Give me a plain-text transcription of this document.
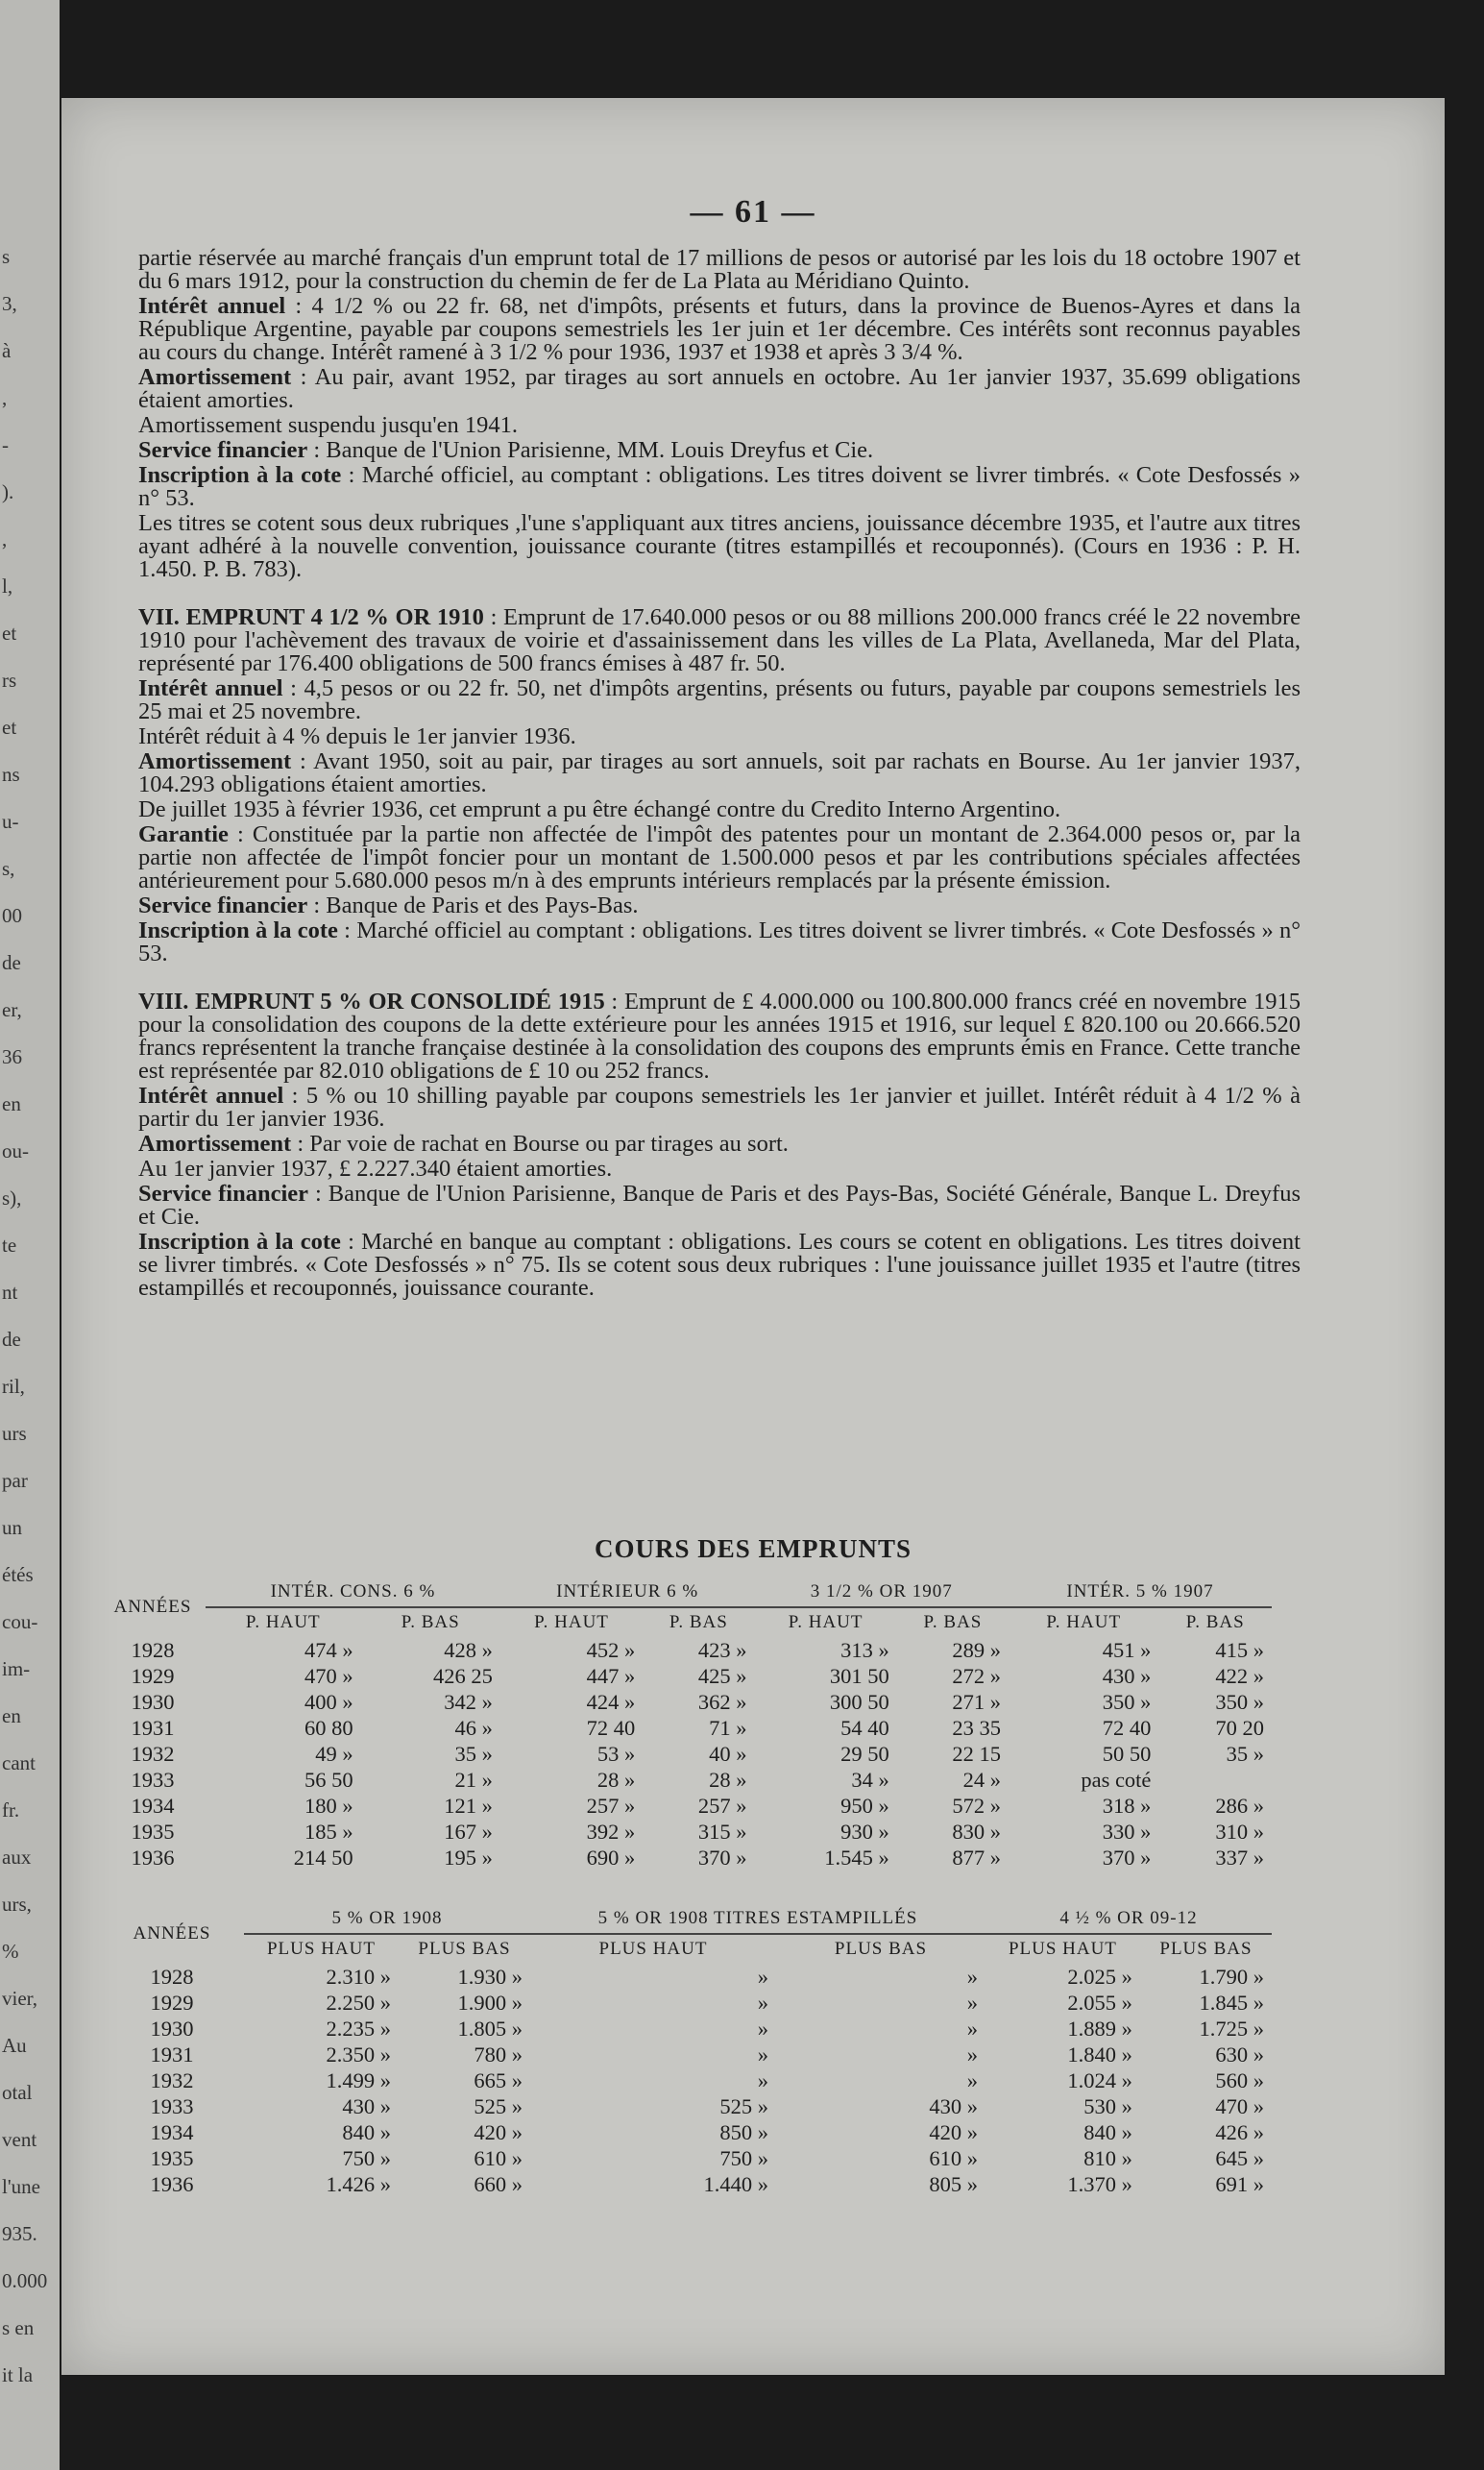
s
3,
à
,
-
).
,
l,
et
rs
et
ns
u-
s,
00
de
er,
36
en
ou-
s),
te
nt
de
ril,
urs
par
un
étés
cou-
im-
en
cant
fr.
aux
urs,
%
vier,
Au
otal
vent
l'une
935.
0.000
s en
it la
— 61 —

partie réservée au marché français d'un emprunt total de 17 millions de pesos or autorisé par les lois du 18 octobre 1907 et du 6 mars 1912, pour la construction du chemin de fer de La Plata au Méridiano Quinto.

Intérêt annuel : 4 1/2 % ou 22 fr. 68, net d'impôts, présents et futurs, dans la province de Buenos-Ayres et dans la République Argentine, payable par coupons semestriels les 1er juin et 1er décembre. Ces intérêts sont reconnus payables au cours du change. Intérêt ramené à 3 1/2 % pour 1936, 1937 et 1938 et après 3 3/4 %.

Amortissement : Au pair, avant 1952, par tirages au sort annuels en octobre. Au 1er janvier 1937, 35.699 obligations étaient amorties.

Amortissement suspendu jusqu'en 1941.

Service financier : Banque de l'Union Parisienne, MM. Louis Dreyfus et Cie.

Inscription à la cote : Marché officiel, au comptant : obligations. Les titres doivent se livrer timbrés. « Cote Desfossés » n° 53.

Les titres se cotent sous deux rubriques ,l'une s'appliquant aux titres anciens, jouissance décembre 1935, et l'autre aux titres ayant adhéré à la nouvelle convention, jouissance courante (titres estampillés et recouponnés). (Cours en 1936 : P. H. 1.450. P. B. 783).

VII. EMPRUNT 4 1/2 % OR 1910 : Emprunt de 17.640.000 pesos or ou 88 millions 200.000 francs créé le 22 novembre 1910 pour l'achèvement des travaux de voirie et d'assainissement dans les villes de La Plata, Avellaneda, Mar del Plata, représenté par 176.400 obligations de 500 francs émises à 487 fr. 50.

Intérêt annuel : 4,5 pesos or ou 22 fr. 50, net d'impôts argentins, présents ou futurs, payable par coupons semestriels les 25 mai et 25 novembre.

Intérêt réduit à 4 % depuis le 1er janvier 1936.

Amortissement : Avant 1950, soit au pair, par tirages au sort annuels, soit par rachats en Bourse. Au 1er janvier 1937, 104.293 obligations étaient amorties.

De juillet 1935 à février 1936, cet emprunt a pu être échangé contre du Credito Interno Argentino.

Garantie : Constituée par la partie non affectée de l'impôt des patentes pour un montant de 2.364.000 pesos or, par la partie non affectée de l'impôt foncier pour un montant de 1.500.000 pesos et par les contributions spéciales affectées antérieurement pour 5.680.000 pesos m/n à des emprunts intérieurs remplacés par la présente émission.

Service financier : Banque de Paris et des Pays-Bas.

Inscription à la cote : Marché officiel au comptant : obligations. Les titres doivent se livrer timbrés. « Cote Desfossés » n° 53.

VIII. EMPRUNT 5 % OR CONSOLIDÉ 1915 : Emprunt de £ 4.000.000 ou 100.800.000 francs créé en novembre 1915 pour la consolidation des coupons de la dette extérieure pour les années 1915 et 1916, sur lequel £ 820.100 ou 20.666.520 francs représentent la tranche française destinée à la consolidation des coupons des emprunts émis en France. Cette tranche est représentée par 82.010 obligations de £ 10 ou 252 francs.

Intérêt annuel : 5 % ou 10 shilling payable par coupons semestriels les 1er janvier et juillet. Intérêt réduit à 4 1/2 % à partir du 1er janvier 1936.

Amortissement : Par voie de rachat en Bourse ou par tirages au sort.

Au 1er janvier 1937, £ 2.227.340 étaient amorties.

Service financier : Banque de l'Union Parisienne, Banque de Paris et des Pays-Bas, Société Générale, Banque L. Dreyfus et Cie.

Inscription à la cote : Marché en banque au comptant : obligations. Les cours se cotent en obligations. Les titres doivent se livrer timbrés. « Cote Desfossés » n° 75. Ils se cotent sous deux rubriques : l'une jouissance juillet 1935 et l'autre (titres estampillés et recouponnés, jouissance courante.

COURS DES EMPRUNTS
ANNÉES	INTÉR. CONS. 6 %		INTÉRIEUR 6 %		3 1/2 % OR 1907		INTÉR. 5 % 1907	
	P. HAUT	P. BAS	P. HAUT	P. BAS	P. HAUT	P. BAS	P. HAUT	P. BAS
1928	474 »	428 »	452 »	423 »	313 »	289 »	451 »	415 »
1929	470 »	426 25	447 »	425 »	301 50	272 »	430 »	422 »
1930	400 »	342 »	424 »	362 »	300 50	271 »	350 »	350 »
1931	60 80	46 »	72 40	71 »	54 40	23 35	72 40	70 20
1932	49 »	35 »	53 »	40 »	29 50	22 15	50 50	35 »
1933	56 50	21 »	28 »	28 »	34 »	24 »	pas coté	
1934	180 »	121 »	257 »	257 »	950 »	572 »	318 »	286 »
1935	185 »	167 »	392 »	315 »	930 »	830 »	330 »	310 »
1936	214 50	195 »	690 »	370 »	1.545 »	877 »	370 »	337 »
ANNÉES	5 % OR 1908		5 % OR 1908 TITRES ESTAMPILLÉS		4 ½ % OR 09-12	
	PLUS HAUT	PLUS BAS	PLUS HAUT	PLUS BAS	PLUS HAUT	PLUS BAS
1928	2.310 »	1.930 »	»	»	2.025 »	1.790 »
1929	2.250 »	1.900 »	»	»	2.055 »	1.845 »
1930	2.235 »	1.805 »	»	»	1.889 »	1.725 »
1931	2.350 »	780 »	»	»	1.840 »	630 »
1932	1.499 »	665 »	»	»	1.024 »	560 »
1933	430 »	525 »	525 »	430 »	530 »	470 »
1934	840 »	420 »	850 »	420 »	840 »	426 »
1935	750 »	610 »	750 »	610 »	810 »	645 »
1936	1.426 »	660 »	1.440 »	805 »	1.370 »	691 »
